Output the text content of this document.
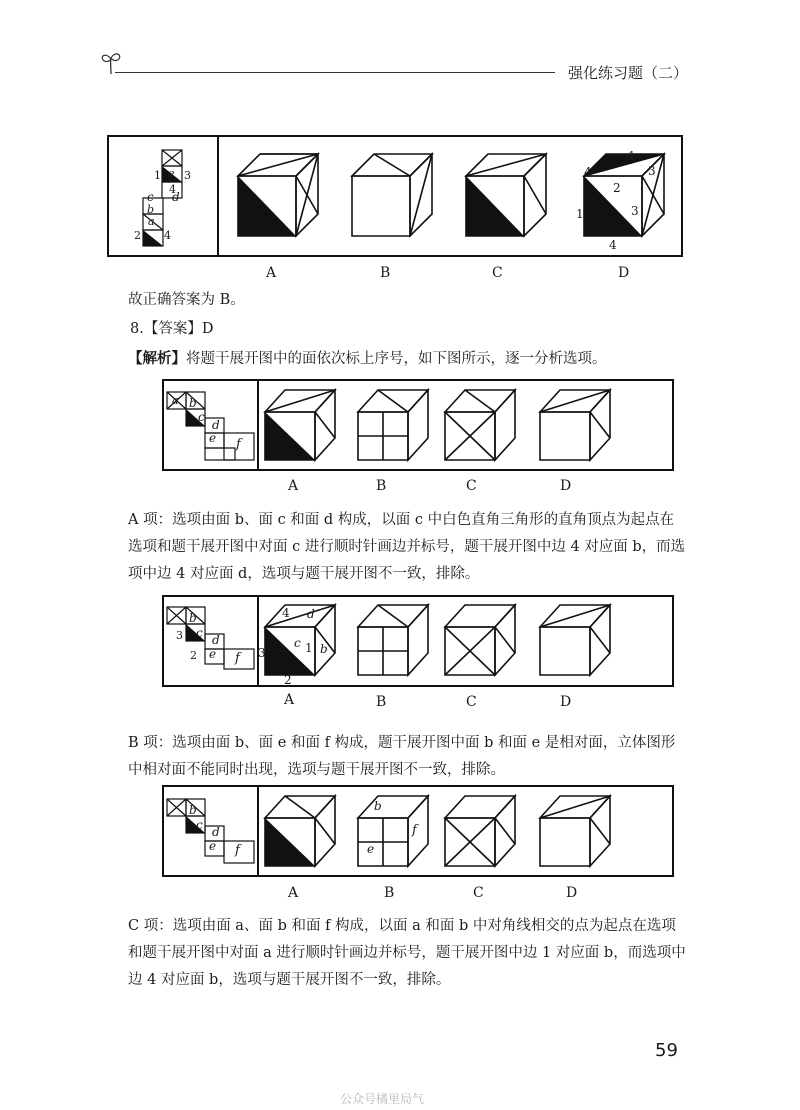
强化练习题（二）
c d
e
a
b
1 3
4
2 4
1
4	3
2
1	3
4
A	B	C	D
故正确答案为 B。
8.【答案】D
【解析】将题干展开图中的面依次标上序号，如下图所示，逐一分析选项。
a b
c
d
e f
A	B	C	D
A 项：选项由面 b、面 c 和面 d 构成，以面 c 中白色直角三角形的直角顶点为起点在选项和题干展开图中对面 c 进行顺时针画边并标号，题干展开图中边 4 对应面 b，而选项中边 4 对应面 d，选项与题干展开图不一致，排除。
b
c d
e f
3
2
4 d
c 1 b
3
2
A	B	C	D
B 项：选项由面 b、面 e 和面 f 构成，题干展开图中面 b 和面 e 是相对面，立体图形中相对面不能同时出现，选项与题干展开图不一致，排除。
b
c d
e f
b
f
e
A	B	C	D
C 项：选项由面 a、面 b 和面 f 构成，以面 a 和面 b 中对角线相交的点为起点在选项和题干展开图中对面 a 进行顺时针画边并标号，题干展开图中边 1 对应面 b，而选项中边 4 对应面 b，选项与题干展开图不一致，排除。
59
公众号橘里局气
